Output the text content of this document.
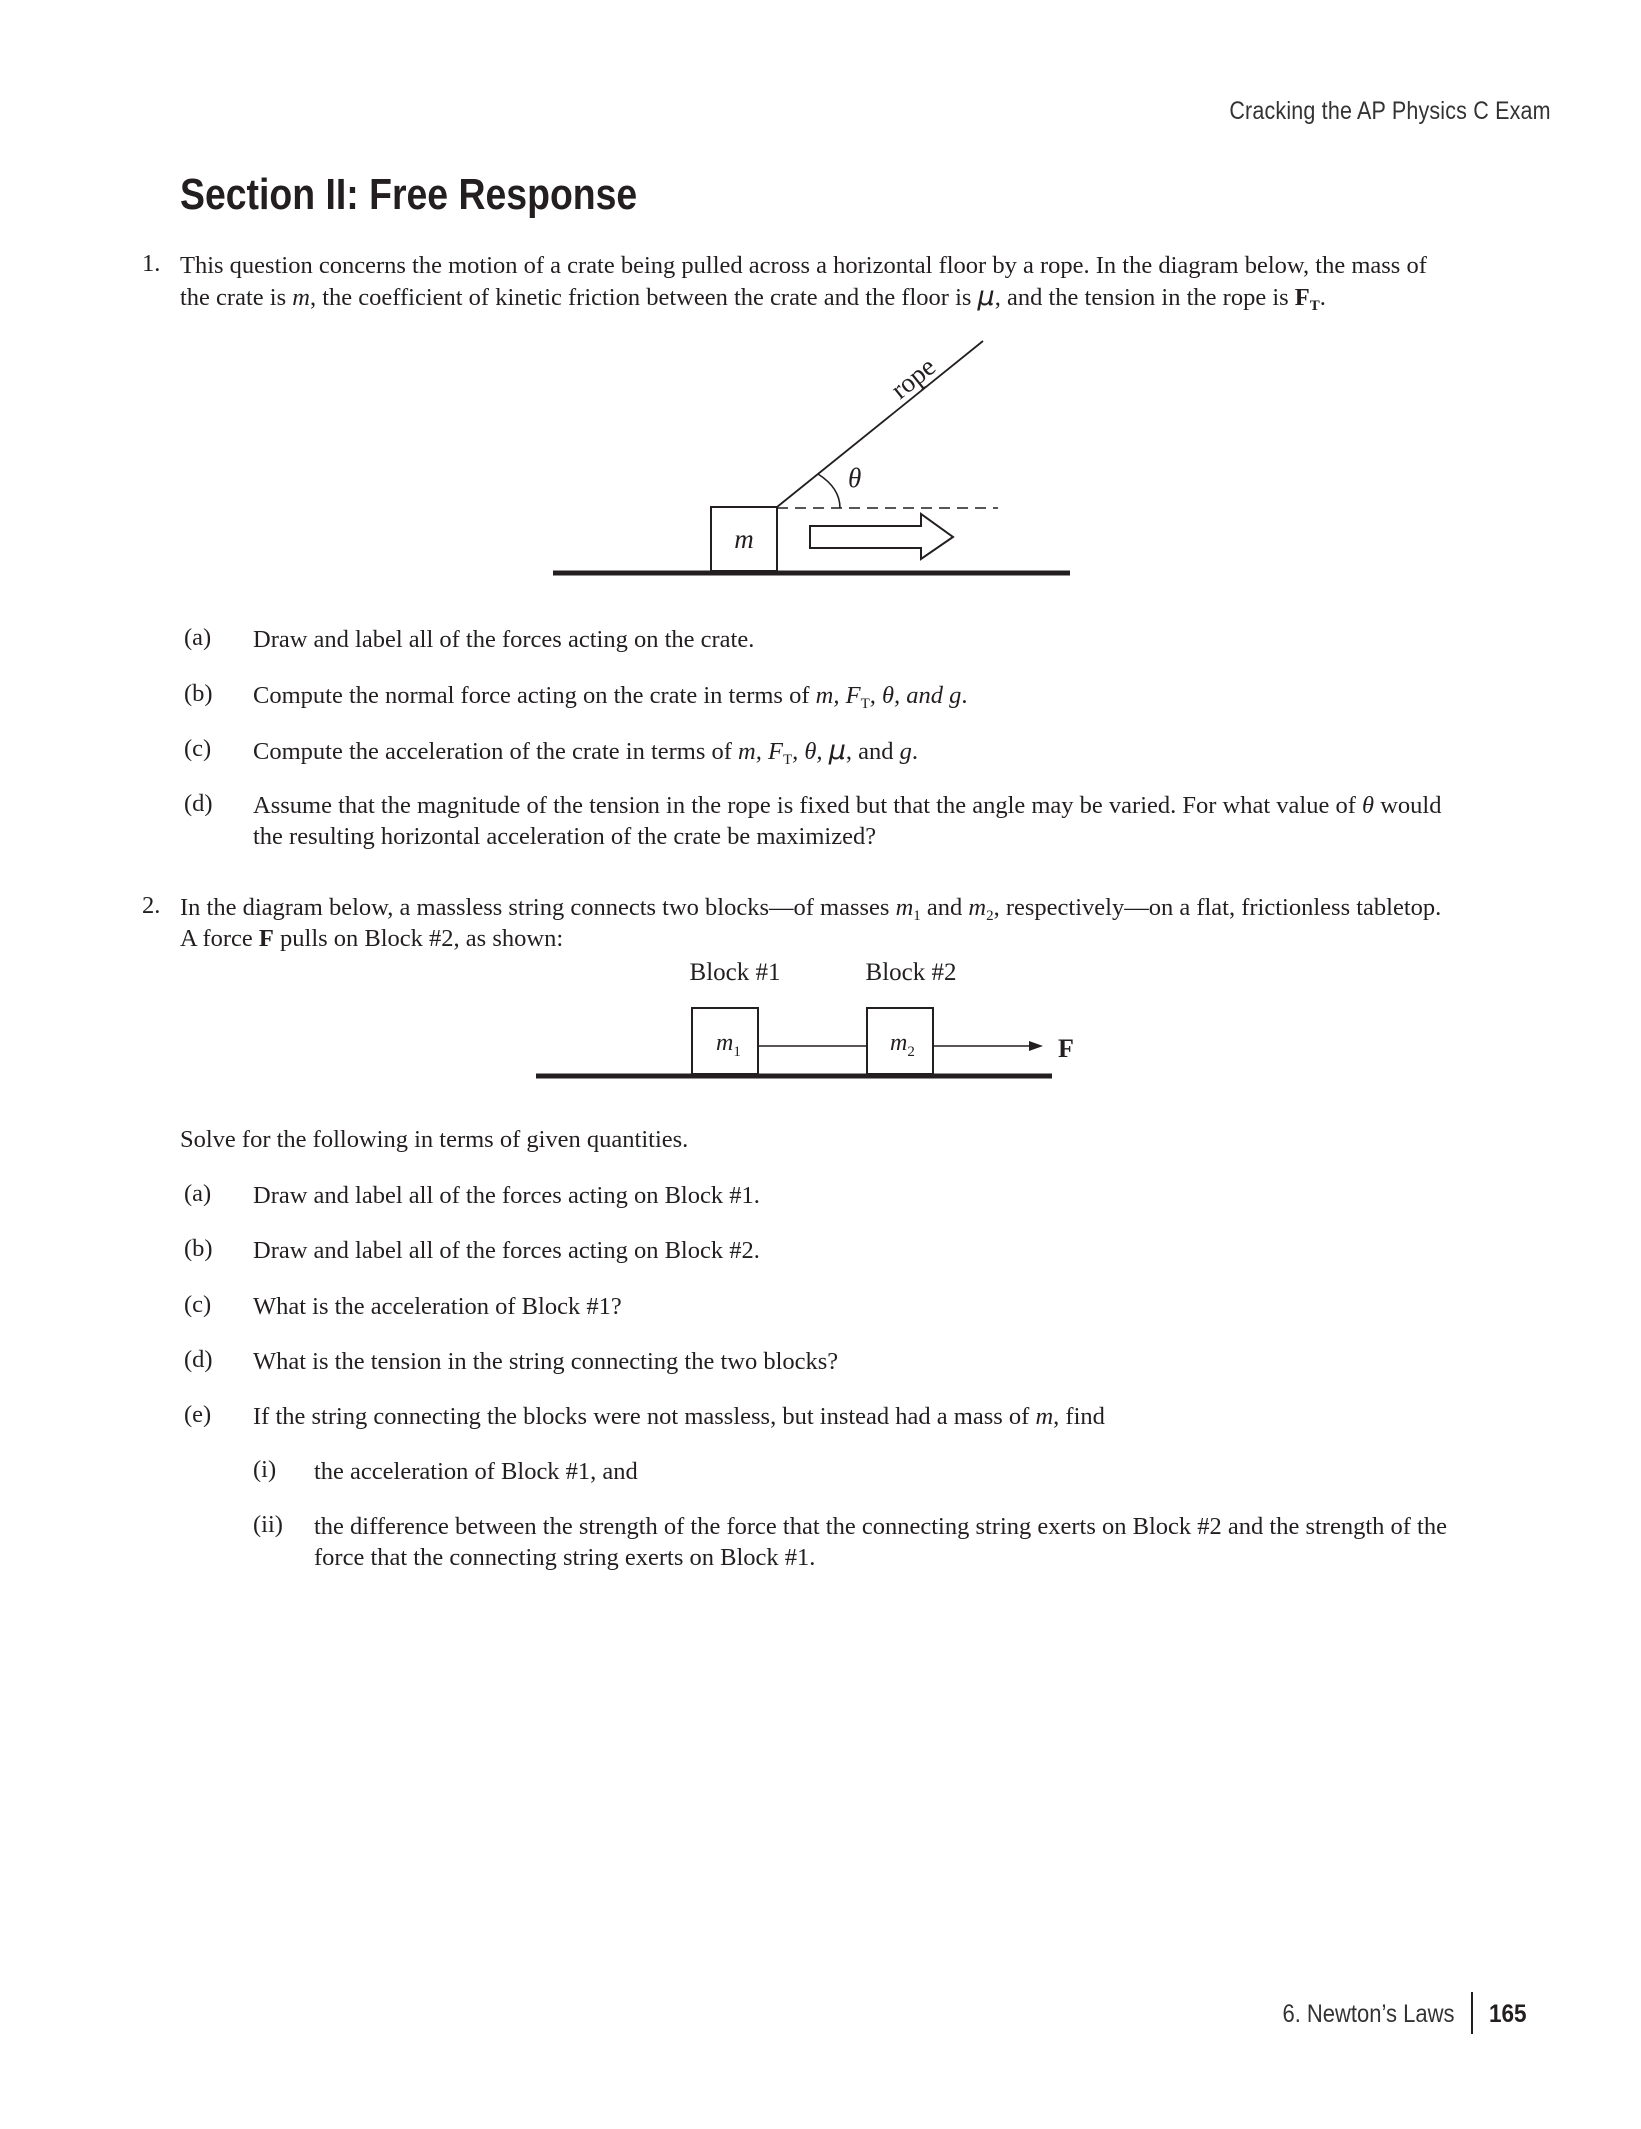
Cracking the AP Physics C Exam
Section II: Free Response
1. This question concerns the motion of a crate being pulled across a horizontal floor by a rope. In the diagram below, the mass of
the crate is m, the coefficient of kinetic friction between the crate and the floor is μ, and the tension in the rope is $F_T$.
m
rope
θ
(a) Draw and label all of the forces acting on the crate.
(b) Compute the normal force acting on the crate in terms of m, $F_T$, θ, and g.
(c) Compute the acceleration of the crate in terms of m, $F_T$, θ, μ, and g.
(d) Assume that the magnitude of the tension in the rope is fixed but that the angle may be varied. For what value of θ would
the resulting horizontal acceleration of the crate be maximized?
2. In the diagram below, a massless string connects two blocks—of masses $m_1$ and $m_2$, respectively—on a flat, frictionless tabletop.
A force F pulls on Block #2, as shown:
Block #1	Block #2
$m_1$	$m_2$	F
Solve for the following in terms of given quantities.
(a) Draw and label all of the forces acting on Block #1.
(b) Draw and label all of the forces acting on Block #2.
(c) What is the acceleration of Block #1?
(d) What is the tension in the string connecting the two blocks?
(e) If the string connecting the blocks were not massless, but instead had a mass of m, find
(i) the acceleration of Block #1, and
(ii) the difference between the strength of the force that the connecting string exerts on Block #2 and the strength of the
force that the connecting string exerts on Block #1.
6. Newton’s Laws 165
